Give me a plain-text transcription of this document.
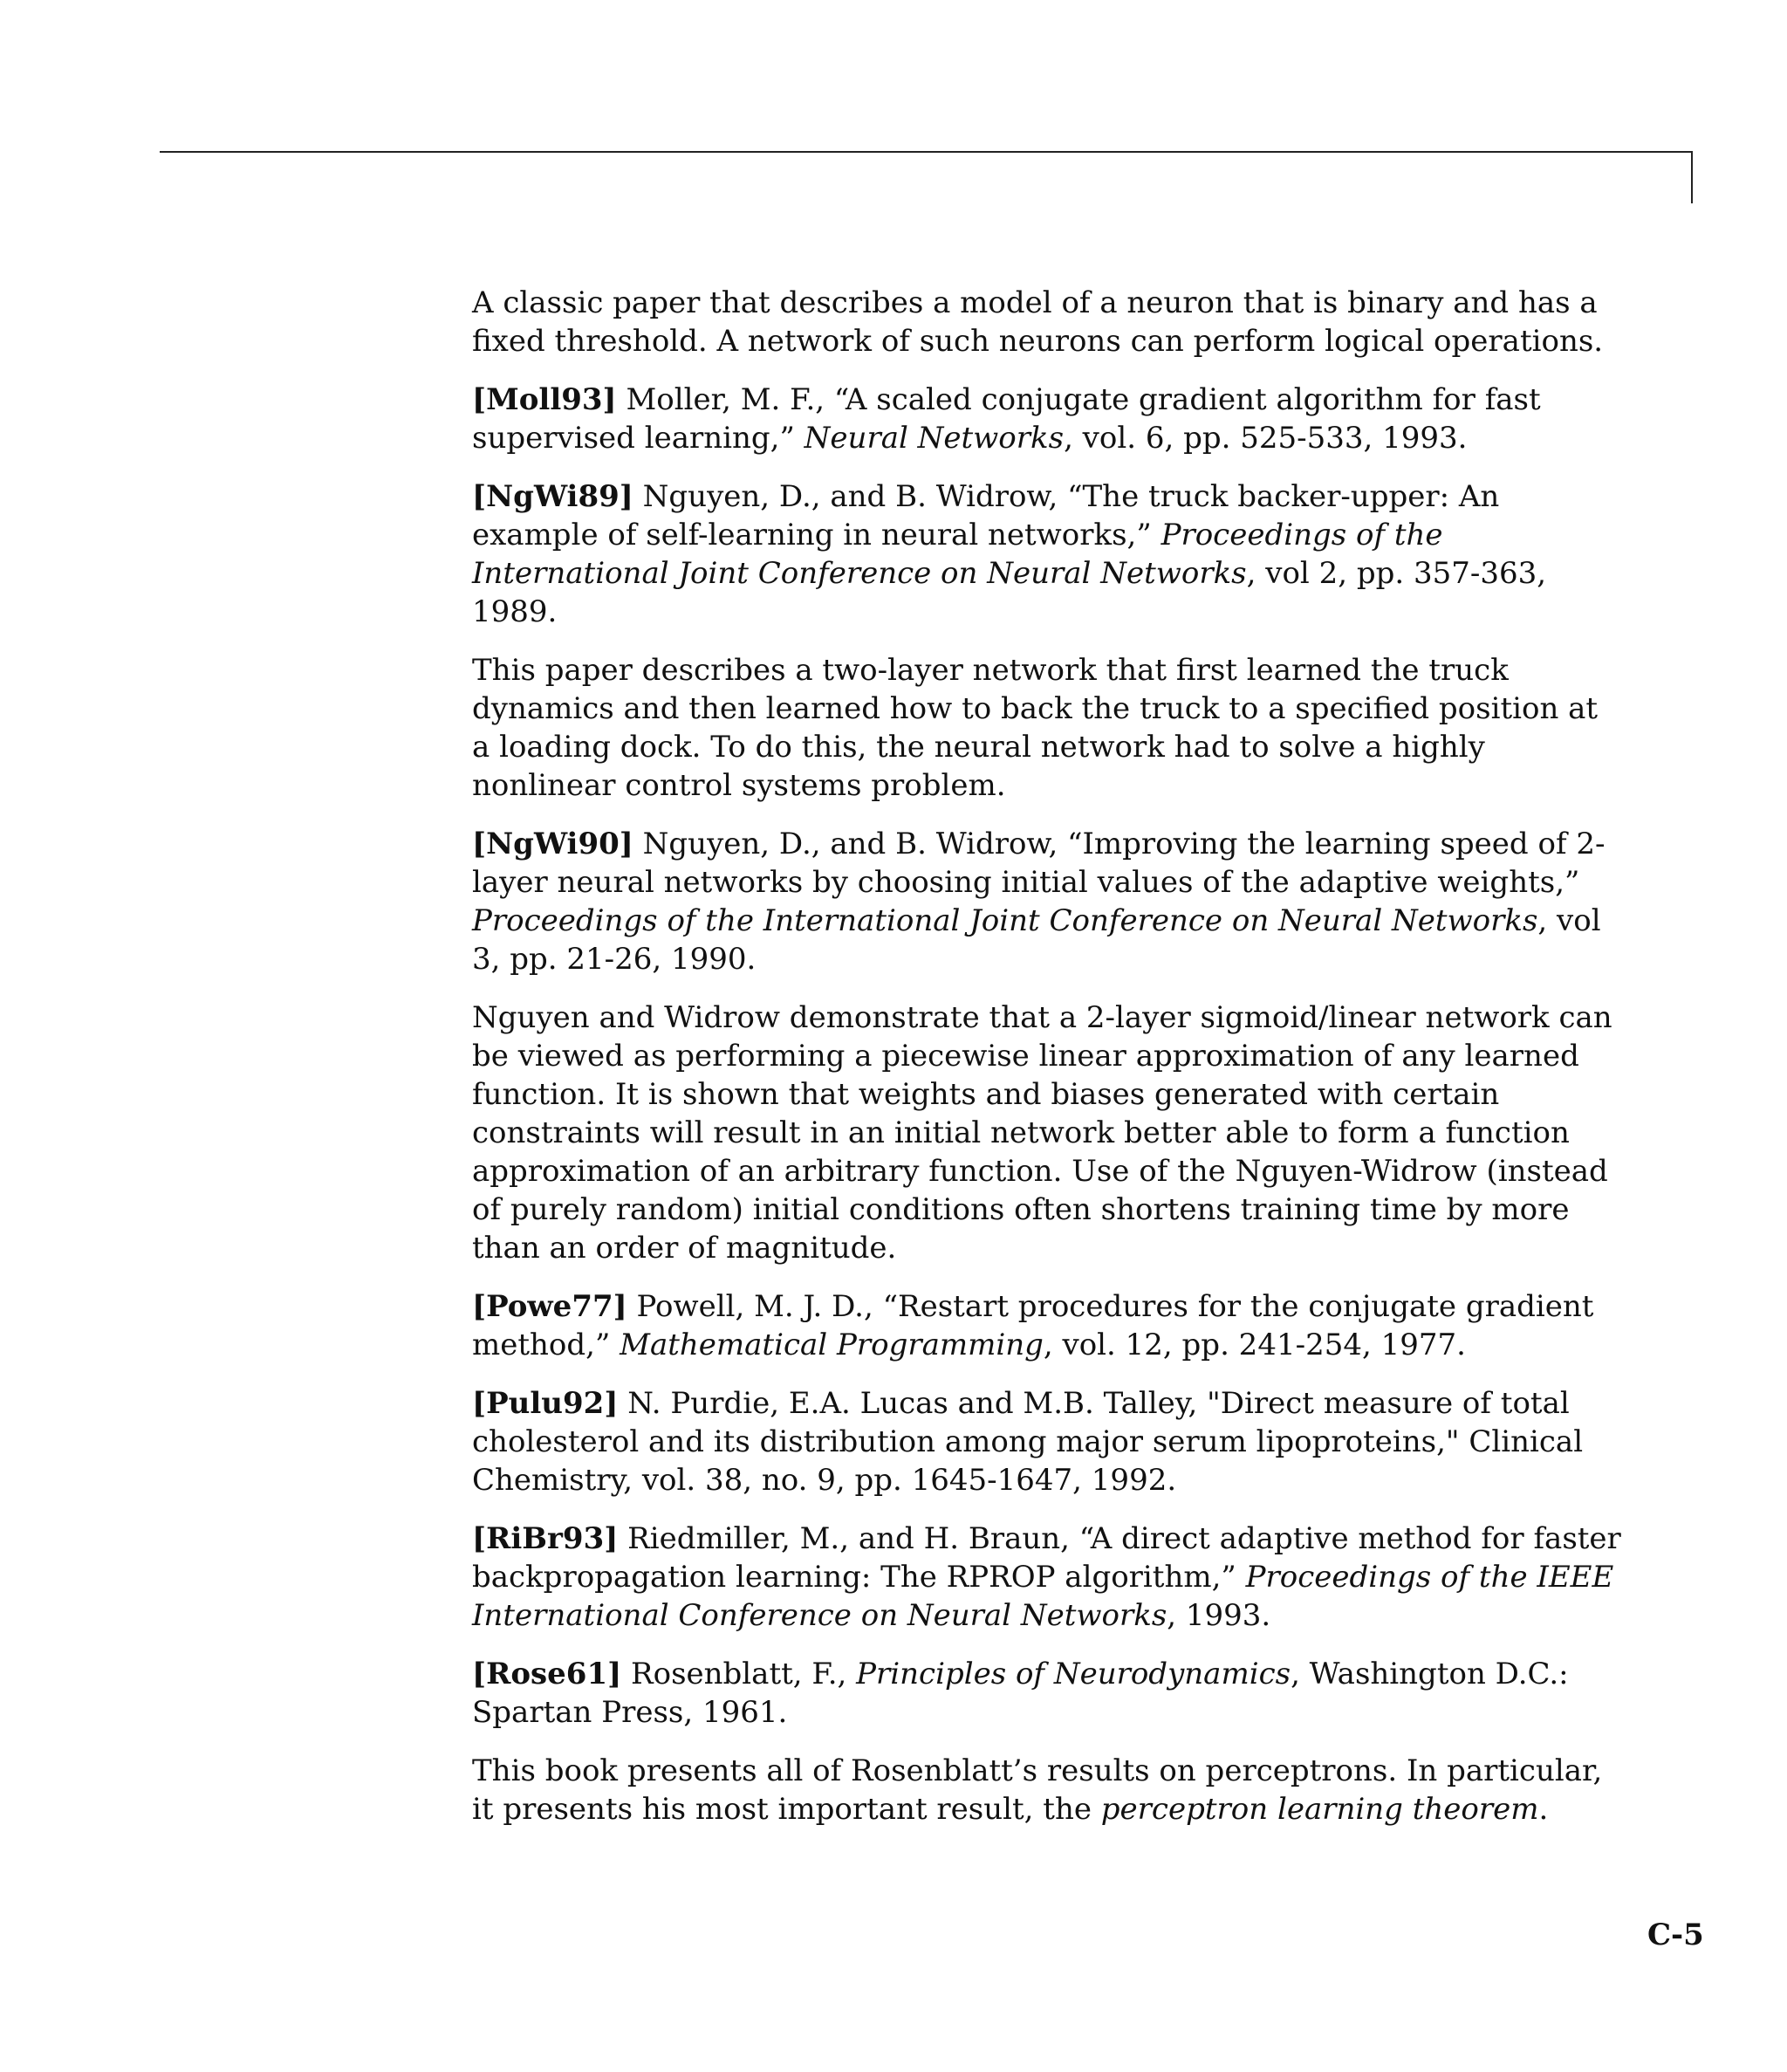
A classic paper that describes a model of a neuron that is binary and has a fixed threshold. A network of such neurons can perform logical operations.

[Moll93] Moller, M. F., “A scaled conjugate gradient algorithm for fast supervised learning,” Neural Networks, vol. 6, pp. 525-533, 1993.

[NgWi89] Nguyen, D., and B. Widrow, “The truck backer-upper: An example of self-learning in neural networks,” Proceedings of the International Joint Conference on Neural Networks, vol 2, pp. 357-363, 1989.

This paper describes a two-layer network that first learned the truck dynamics and then learned how to back the truck to a specified position at a loading dock. To do this, the neural network had to solve a highly nonlinear control systems problem.

[NgWi90] Nguyen, D., and B. Widrow, “Improving the learning speed of 2-layer neural networks by choosing initial values of the adaptive weights,” Proceedings of the International Joint Conference on Neural Networks, vol 3, pp. 21-26, 1990.

Nguyen and Widrow demonstrate that a 2-layer sigmoid/linear network can be viewed as performing a piecewise linear approximation of any learned function. It is shown that weights and biases generated with certain constraints will result in an initial network better able to form a function approximation of an arbitrary function. Use of the Nguyen-Widrow (instead of purely random) initial conditions often shortens training time by more than an order of magnitude.

[Powe77] Powell, M. J. D., “Restart procedures for the conjugate gradient method,” Mathematical Programming, vol. 12, pp. 241-254, 1977.

[Pulu92] N. Purdie, E.A. Lucas and M.B. Talley, "Direct measure of total cholesterol and its distribution among major serum lipoproteins," Clinical Chemistry, vol. 38, no. 9, pp. 1645-1647, 1992.

[RiBr93] Riedmiller, M., and H. Braun, “A direct adaptive method for faster backpropagation learning: The RPROP algorithm,” Proceedings of the IEEE International Conference on Neural Networks, 1993.

[Rose61] Rosenblatt, F., Principles of Neurodynamics, Washington D.C.: Spartan Press, 1961.

This book presents all of Rosenblatt’s results on perceptrons. In particular, it presents his most important result, the perceptron learning theorem.

C-5
